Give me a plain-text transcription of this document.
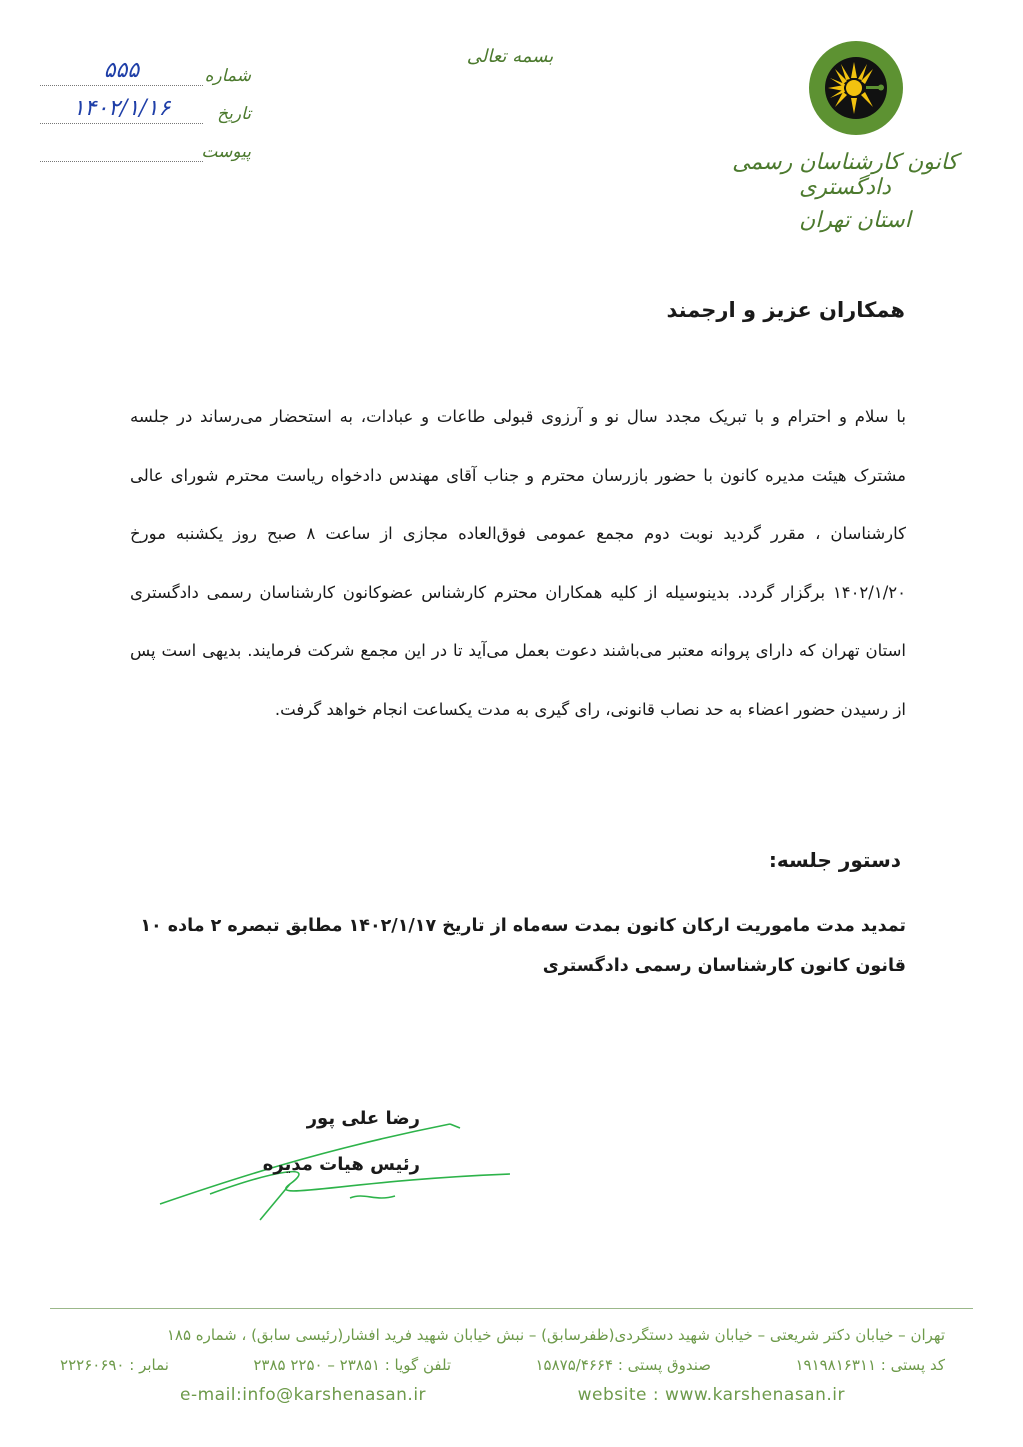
شماره
۵۵۵
تاریخ
۱۴۰۲/۱/۱۶
پیوست
بسمه تعالی
کانون کارشناسان رسمی دادگستری
استان تهران
همکاران عزیز و ارجمند
با سلام و احترام و با تبریک مجدد سال نو و آرزوی قبولی طاعات و عبادات، به استحضار می‌رساند در جلسه مشترک هیئت مدیره کانون با حضور بازرسان محترم و جناب آقای مهندس دادخواه ریاست محترم شورای عالی کارشناسان ، مقرر گردید نوبت دوم مجمع عمومی فوق‌العاده مجازی از ساعت ۸ صبح روز یکشنبه مورخ ۱۴۰۲/۱/۲۰ برگزار گردد. بدینوسیله از کلیه همکاران محترم کارشناس عضوکانون کارشناسان رسمی دادگستری استان تهران که دارای پروانه معتبر می‌باشند دعوت بعمل می‌آید تا در این مجمع شرکت فرمایند. بدیهی است پس از رسیدن حضور اعضاء به حد نصاب قانونی، رای گیری به مدت یکساعت انجام خواهد گرفت.
دستور جلسه:
تمدید مدت ماموریت ارکان کانون بمدت سه‌ماه از تاریخ ۱۴۰۲/۱/۱۷ مطابق تبصره ۲ ماده ۱۰ قانون کانون کارشناسان رسمی دادگستری
رضا علی پور
رئیس هیات مدیره
تهران – خیابان دکتر شریعتی – خیابان شهید دستگردی(ظفرسابق) – نبش خیابان شهید فرید افشار(رئیسی سابق) ، شماره ۱۸۵
کد پستی : ۱۹۱۹۸۱۶۳۱۱
صندوق پستی : ۱۵۸۷۵/۴۶۶۴
تلفن گویا : ۲۳۸۵۱ – ۲۲۵۰ ۲۳۸۵
نمابر : ۲۲۲۶۰۶۹۰
e-mail:info@karshenasan.ir	website : www.karshenasan.ir
